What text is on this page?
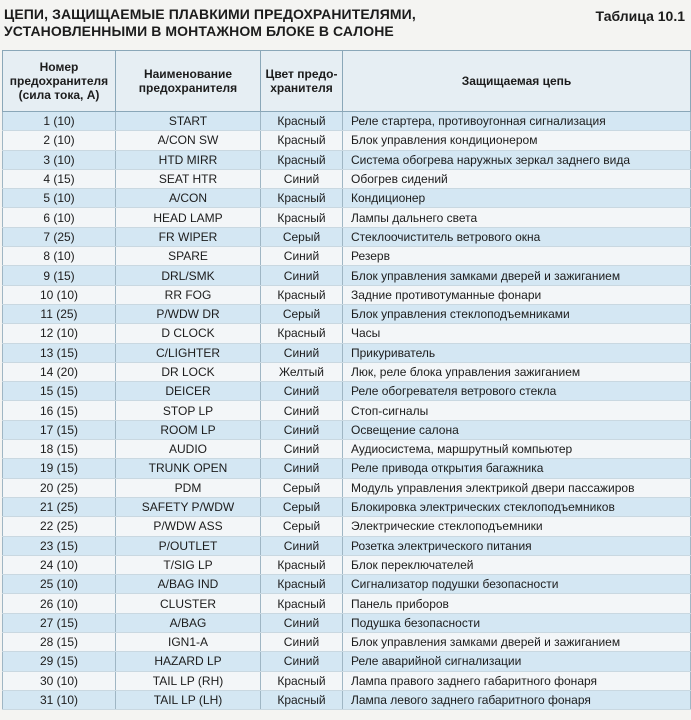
ЦЕПИ, ЗАЩИЩАЕМЫЕ ПЛАВКИМИ ПРЕДОХРАНИТЕЛЯМИ,
УСТАНОВЛЕННЫМИ В МОНТАЖНОМ БЛОКЕ В САЛОНЕ
Таблица 10.1
Номер предохранителя (сила тока, А)	Наименование предохранителя	Цвет предо-хранителя	Защищаемая цепь
1 (10)	START	Красный	Реле стартера, противоугонная сигнализация
2 (10)	A/CON SW	Красный	Блок управления кондиционером
3 (10)	HTD MIRR	Красный	Система обогрева наружных зеркал заднего вида
4 (15)	SEAT HTR	Синий	Обогрев сидений
5 (10)	A/CON	Красный	Кондиционер
6 (10)	HEAD LAMP	Красный	Лампы дальнего света
7 (25)	FR WIPER	Серый	Стеклоочиститель ветрового окна
8 (10)	SPARE	Синий	Резерв
9 (15)	DRL/SMK	Синий	Блок управления замками дверей и зажиганием
10 (10)	RR FOG	Красный	Задние противотуманные фонари
11 (25)	P/WDW DR	Серый	Блок управления стеклоподъемниками
12 (10)	D CLOCK	Красный	Часы
13 (15)	C/LIGHTER	Синий	Прикуриватель
14 (20)	DR LOCK	Желтый	Люк, реле блока управления зажиганием
15 (15)	DEICER	Синий	Реле обогревателя ветрового стекла
16 (15)	STOP LP	Синий	Стоп-сигналы
17 (15)	ROOM LP	Синий	Освещение салона
18 (15)	AUDIO	Синий	Аудиосистема, маршрутный компьютер
19 (15)	TRUNK OPEN	Синий	Реле привода открытия багажника
20 (25)	PDM	Серый	Модуль управления электрикой двери пассажиров
21 (25)	SAFETY P/WDW	Серый	Блокировка электрических стеклоподъемников
22 (25)	P/WDW ASS	Серый	Электрические стеклоподъемники
23 (15)	P/OUTLET	Синий	Розетка электрического питания
24 (10)	T/SIG LP	Красный	Блок переключателей
25 (10)	A/BAG IND	Красный	Сигнализатор подушки безопасности
26 (10)	CLUSTER	Красный	Панель приборов
27 (15)	A/BAG	Синий	Подушка безопасности
28 (15)	IGN1-A	Синий	Блок управления замками дверей и зажиганием
29 (15)	HAZARD LP	Синий	Реле аварийной сигнализации
30 (10)	TAIL LP (RH)	Красный	Лампа правого заднего габаритного фонаря
31 (10)	TAIL LP (LH)	Красный	Лампа левого заднего габаритного фонаря
